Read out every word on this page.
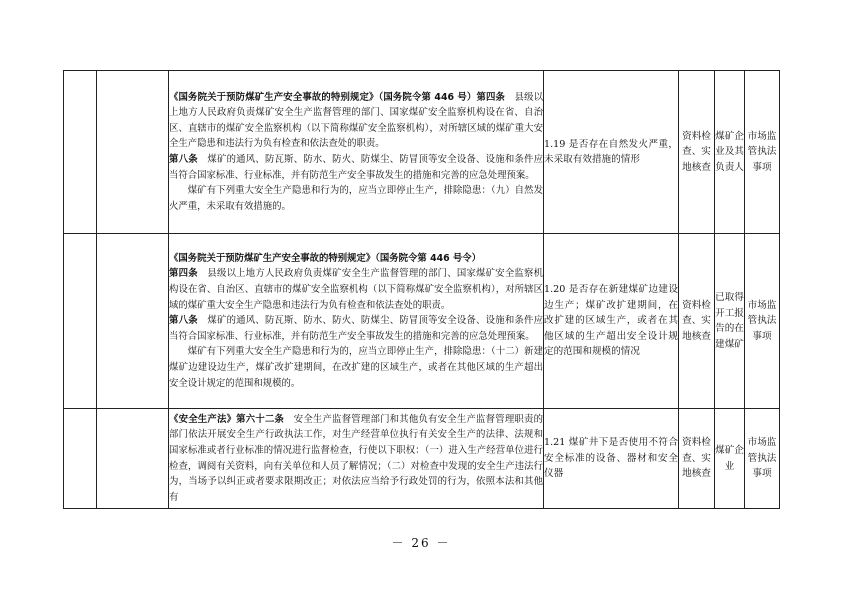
		《国务院关于预防煤矿生产安全事故的特别规定》（国务院令第 446 号）第四条　县级以上地方人民政府负责煤矿安全生产监督管理的部门、国家煤矿安全监察机构设在省、自治区、直辖市的煤矿安全监察机构（以下简称煤矿安全监察机构），对所辖区域的煤矿重大安全生产隐患和违法行为负有检查和依法查处的职责。

第八条　煤矿的通风、防瓦斯、防水、防火、防煤尘、防冒顶等安全设备、设施和条件应当符合国家标准、行业标准，并有防范生产安全事故发生的措施和完善的应急处理预案。

煤矿有下列重大安全生产隐患和行为的，应当立即停止生产，排除隐患：（九）自然发火严重，未采取有效措施的。	1.19 是否存在自然发火严重，未采取有效措施的情形	资料检查、实地核查	煤矿企业及其负责人	市场监管执法事项

		《国务院关于预防煤矿生产安全事故的特别规定》（国务院令第 446 号令）

第四条　县级以上地方人民政府负责煤矿安全生产监督管理的部门、国家煤矿安全监察机构设在省、自治区、直辖市的煤矿安全监察机构（以下简称煤矿安全监察机构），对所辖区域的煤矿重大安全生产隐患和违法行为负有检查和依法查处的职责。

第八条　煤矿的通风、防瓦斯、防水、防火、防煤尘、防冒顶等安全设备、设施和条件应当符合国家标准、行业标准，并有防范生产安全事故发生的措施和完善的应急处理预案。

煤矿有下列重大安全生产隐患和行为的，应当立即停止生产，排除隐患：（十二）新建煤矿边建设边生产，煤矿改扩建期间，在改扩建的区域生产，或者在其他区域的生产超出安全设计规定的范围和规模的。	1.20 是否存在新建煤矿边建设边生产；煤矿改扩建期间，在改扩建的区域生产，或者在其他区域的生产超出安全设计规定的范围和规模的情况	资料检查、实地核查	已取得开工报告的在建煤矿	市场监管执法事项

		《安全生产法》第六十二条　安全生产监督管理部门和其他负有安全生产监督管理职责的部门依法开展安全生产行政执法工作，对生产经营单位执行有关安全生产的法律、法规和国家标准或者行业标准的情况进行监督检查，行使以下职权：（一）进入生产经营单位进行检查，调阅有关资料，向有关单位和人员了解情况；（二）对检查中发现的安全生产违法行为，当场予以纠正或者要求限期改正；对依法应当给予行政处罚的行为，依照本法和其他有	1.21 煤矿井下是否使用不符合安全标准的设备、器材和安全仪器	资料检查、实地核查	煤矿企业	市场监管执法事项
－ 26 －
